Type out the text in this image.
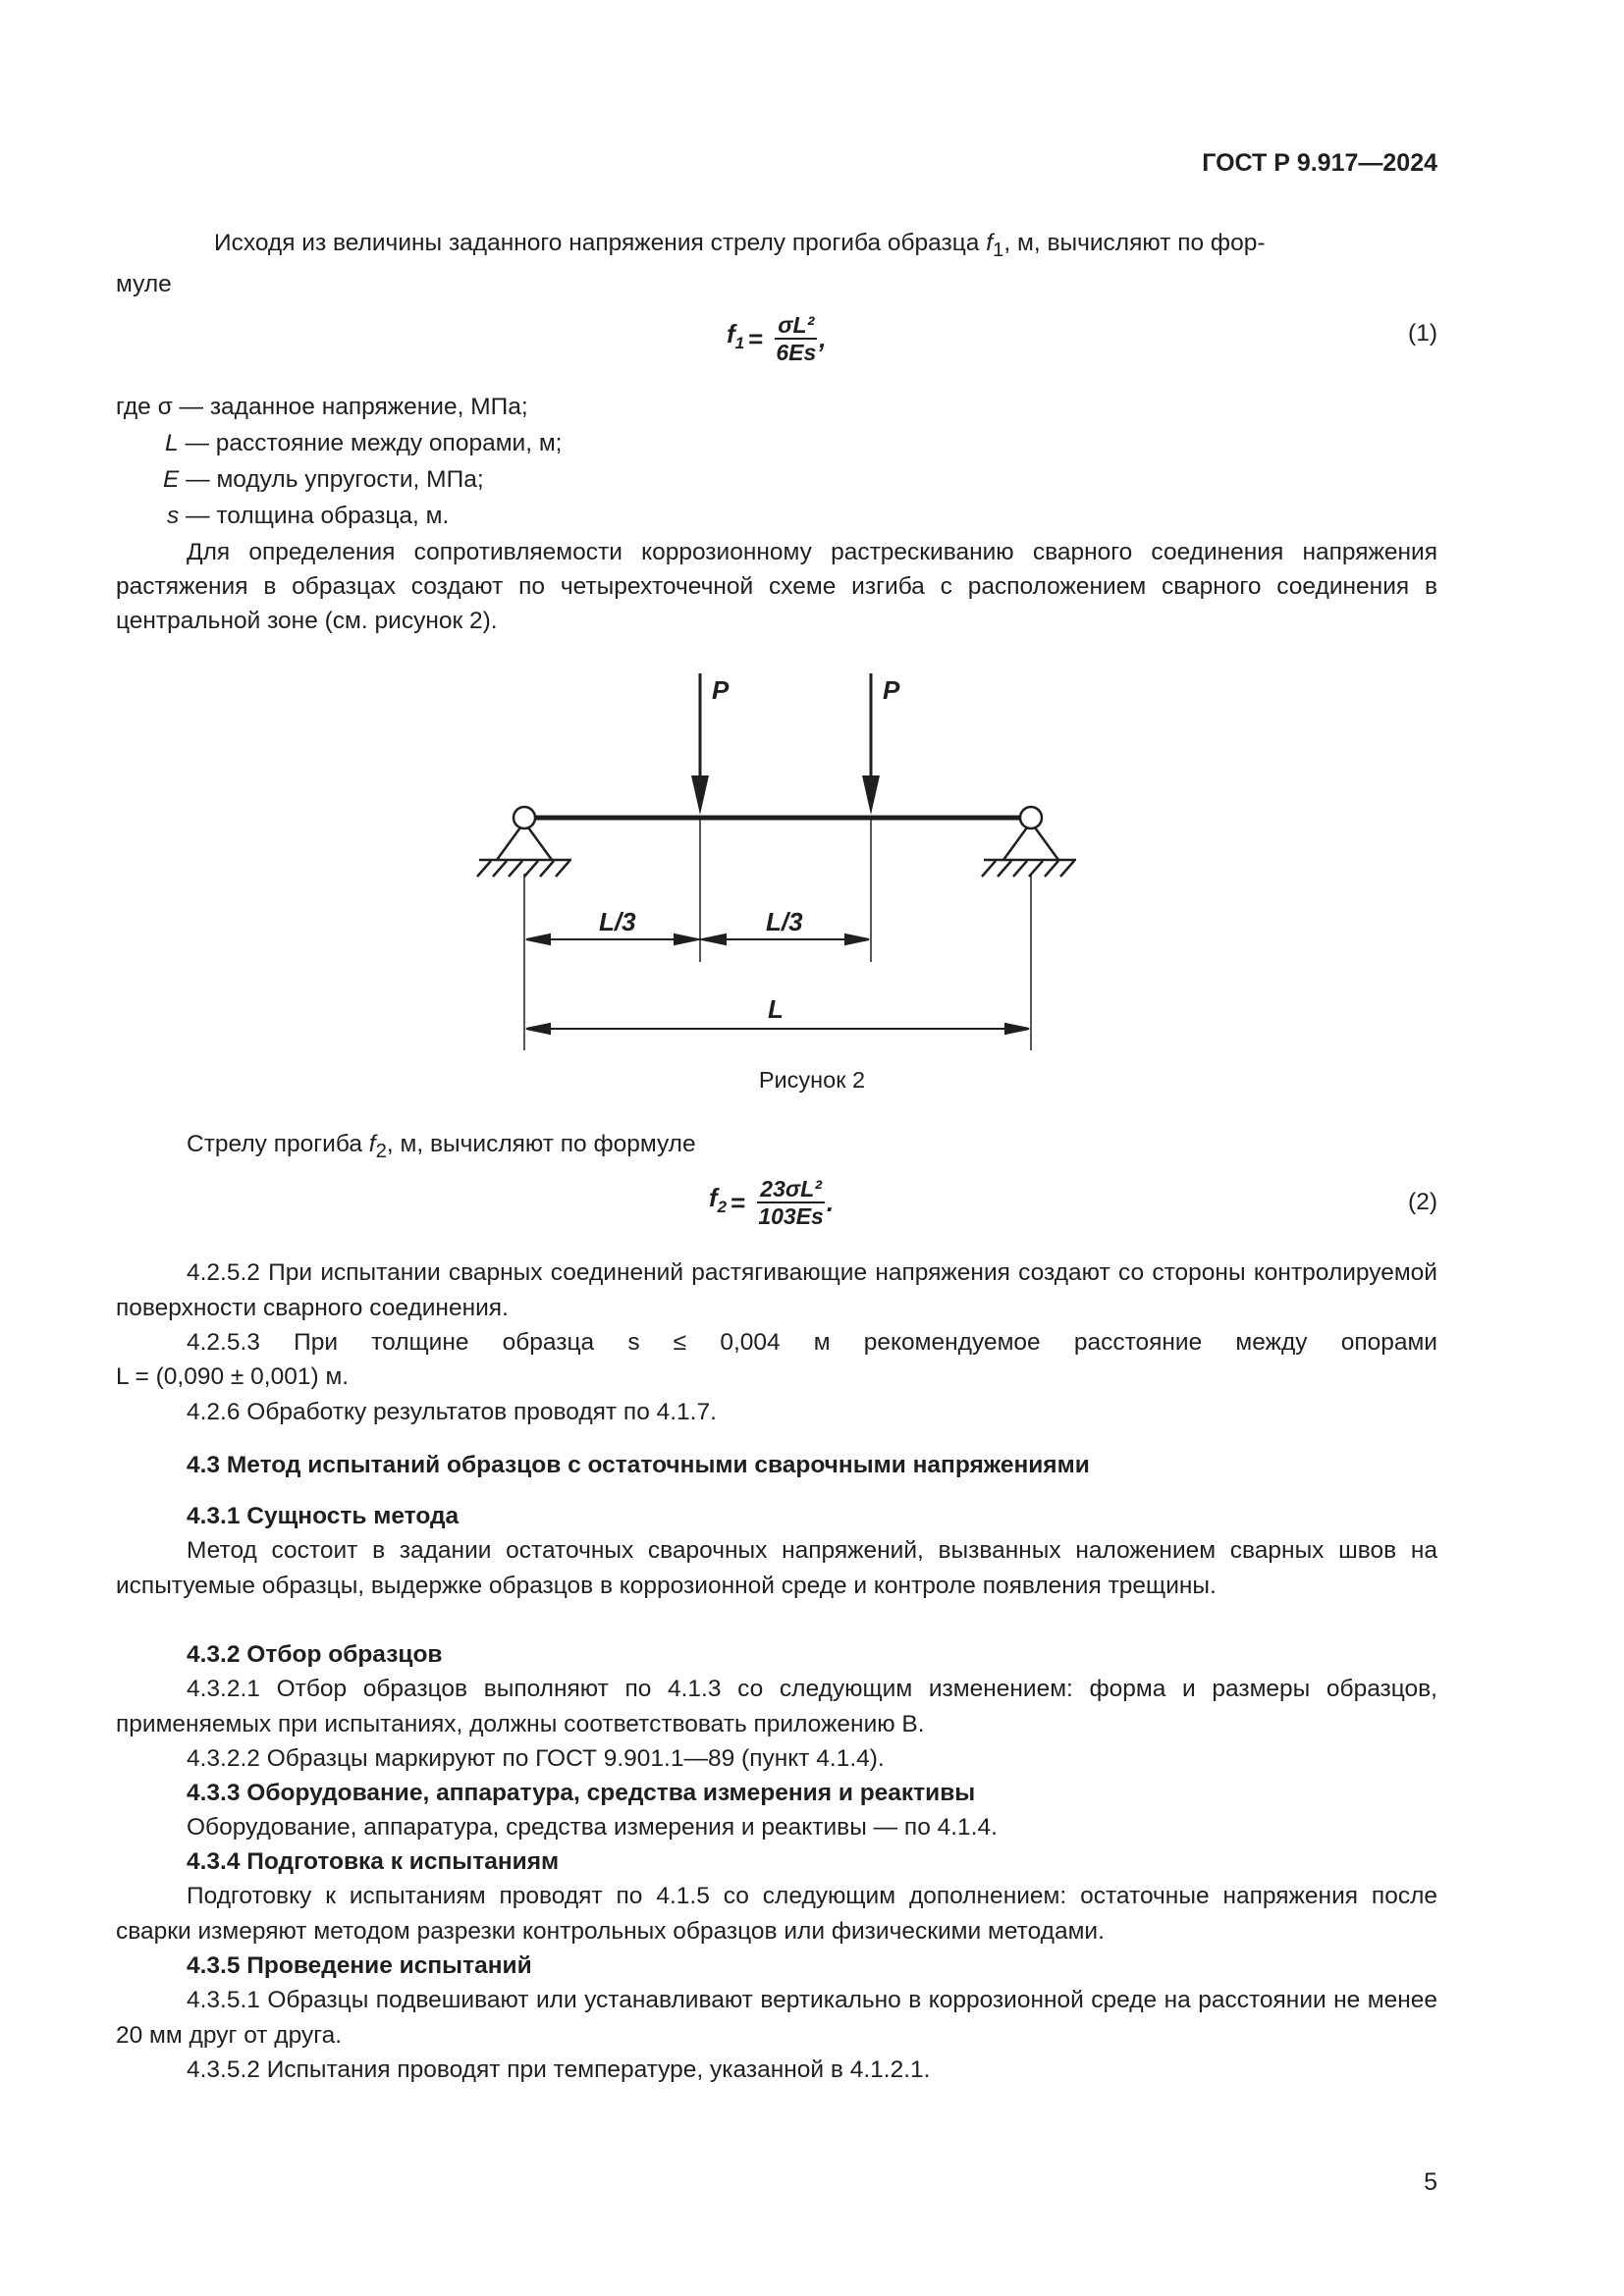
ГОСТ Р 9.917—2024
Исходя из величины заданного напряжения стрелу прогиба образца $f_1$, м, вычисляют по фор-
муле
$f_1 = \frac{\text{σL²}}{6Es}$ ,	(1)
где σ — заданное напряжение, МПа;
L — расстояние между опорами, м;
E — модуль упругости, МПа;
s — толщина образца, м.
Для определения сопротивляемости коррозионному растрескиванию сварного соединения напряжения растяжения в образцах создают по четырехточечной схеме изгиба с расположением сварного соединения в центральной зоне (см. рисунок 2).
P	P
L/3	L/3
L
Рисунок 2
Стрелу прогиба $f_2$, м, вычисляют по формуле
$f_2 = \frac{\text{23σL²}}{103Es}$ .	(2)
4.2.5.2 При испытании сварных соединений растягивающие напряжения создают со стороны контролируемой поверхности сварного соединения.
4.2.5.3 При толщине образца s ≤ 0,004 м рекомендуемое расстояние между опорами
L = (0,090 ± 0,001) м.
4.2.6 Обработку результатов проводят по 4.1.7.
4.3 Метод испытаний образцов с остаточными сварочными напряжениями
4.3.1 Сущность метода
Метод состоит в задании остаточных сварочных напряжений, вызванных наложением сварных швов на испытуемые образцы, выдержке образцов в коррозионной среде и контроле появления трещины.
4.3.2 Отбор образцов
4.3.2.1 Отбор образцов выполняют по 4.1.3 со следующим изменением: форма и размеры образцов, применяемых при испытаниях, должны соответствовать приложению В.
4.3.2.2 Образцы маркируют по ГОСТ 9.901.1—89 (пункт 4.1.4).
4.3.3 Оборудование, аппаратура, средства измерения и реактивы
Оборудование, аппаратура, средства измерения и реактивы — по 4.1.4.
4.3.4 Подготовка к испытаниям
Подготовку к испытаниям проводят по 4.1.5 со следующим дополнением: остаточные напряжения после сварки измеряют методом разрезки контрольных образцов или физическими методами.
4.3.5 Проведение испытаний
4.3.5.1 Образцы подвешивают или устанавливают вертикально в коррозионной среде на расстоянии не менее 20 мм друг от друга.
4.3.5.2 Испытания проводят при температуре, указанной в 4.1.2.1.
5
